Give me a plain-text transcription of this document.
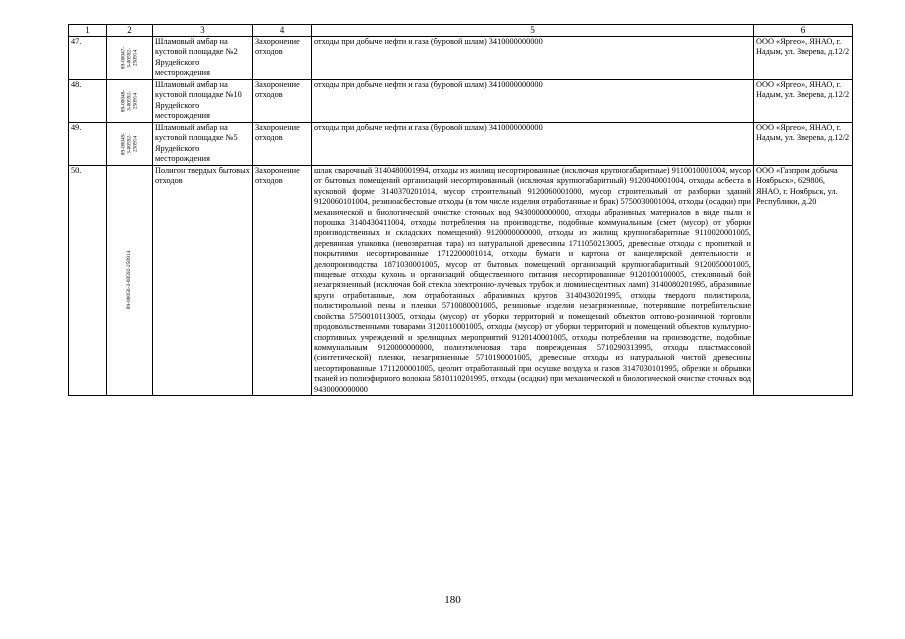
1	2	3	4	5	6
47.	89-00047-
З-00592-
250914	Шламовый амбар на кустовой площадке №2 Ярудейского месторождения	Захоронение отходов	отходы при добыче нефти и газа (буровой шлам) 3410000000000	ООО «Яргео», ЯНАО, г. Надым, ул. Зверева, д.12/2
48.	89-00048-
З-00592-
250914	Шламовый амбар на кустовой площадке №10 Ярудейского месторождения	Захоронение отходов	отходы при добыче нефти и газа (буровой шлам) 3410000000000	ООО «Яргео», ЯНАО, г. Надым, ул. Зверева, д.12/2
49.	89-00049-
З-00592-
250914	Шламовый амбар на кустовой площадке №5 Ярудейского месторождения	Захоронение отходов	отходы при добыче нефти и газа (буровой шлам) 3410000000000	ООО «Яргео», ЯНАО, г. Надым, ул. Зверева, д.12/2
50.	89-00050-З-00592-250914	Полигон твердых бытовых отходов	Захоронение отходов	шлак сварочный 3140480001994, отходы из жилищ несортированные (исключая крупногабаритные) 9110010001004, мусор от бытовых помещений организаций несортированный (исключая крупногабаритный) 9120040001004, отходы асбеста в кусковой форме 3140370201014, мусор строительный 9120060001000, мусор строительный от разборки зданий 9120060101004, резиноасбестовые отходы (в том числе изделия отработанные и брак) 5750030001004, отходы (осадки) при механической и биологической очистке сточных вод 9430000000000, отходы абразивных материалов в виде пыли и порошка 3140430411004, отходы потребления на производстве, подобные коммунальным (смет (мусор) от уборки производственных и складских помещений) 9120000000000, отходы из жилищ крупногабаритные 9110020001005, деревянная упаковка (невозвратная тара) из натуральной древесины 1711050213005, древесные отходы с пропиткой и покрытиями несортированные 1712200001014, отходы бумаги и картона от канцелярской деятельности и делопроизводства 1871030001005, мусор от бытовых помещений организаций крупногабаритный 9120050001005, пищевые отходы кухонь и организаций общественного питания несортированные 9120100100005, стеклянный бой незагрязненный (исключая бой стекла электронно-лучевых трубок и люминесцентных ламп) 3140080201995, абразивные круги отработанные, лом отработанных абразивных кругов 3140430201995, отходы твердого полистирола, полистирольной пены и пленки 5710080001005, резиновые изделия незагрязненные, потерявшие потребительские свойства 5750010113005, отходы (мусор) от уборки территорий и помещений объектов оптово-розничной торговли продовольственными товарами 3120110001005, отходы (мусор) от уборки территорий и помещений объектов культурно-спортивных учреждений и зрелищных мероприятий 9120140001005, отходы потребления на производстве, подобные коммунальным 9120000000000, полиэтиленовая тара поврежденная 5710290313995, отходы пластмассовой (синтетической) пленки, незагрязненные 5710190001005, древесные отходы из натуральной чистой древесины несортированные 1711200001005, цеолит отработанный при осушке воздуха и газов 3147030101995, обрезки и обрывки тканей из полиэфирного волокна 5810110201995, отходы (осадки) при механической и биологической очистке сточных вод 9430000000000	ООО «Газпром добыча Ноябрьск», 629806, ЯНАО, г. Ноябрьск, ул. Республики, д.20
180
